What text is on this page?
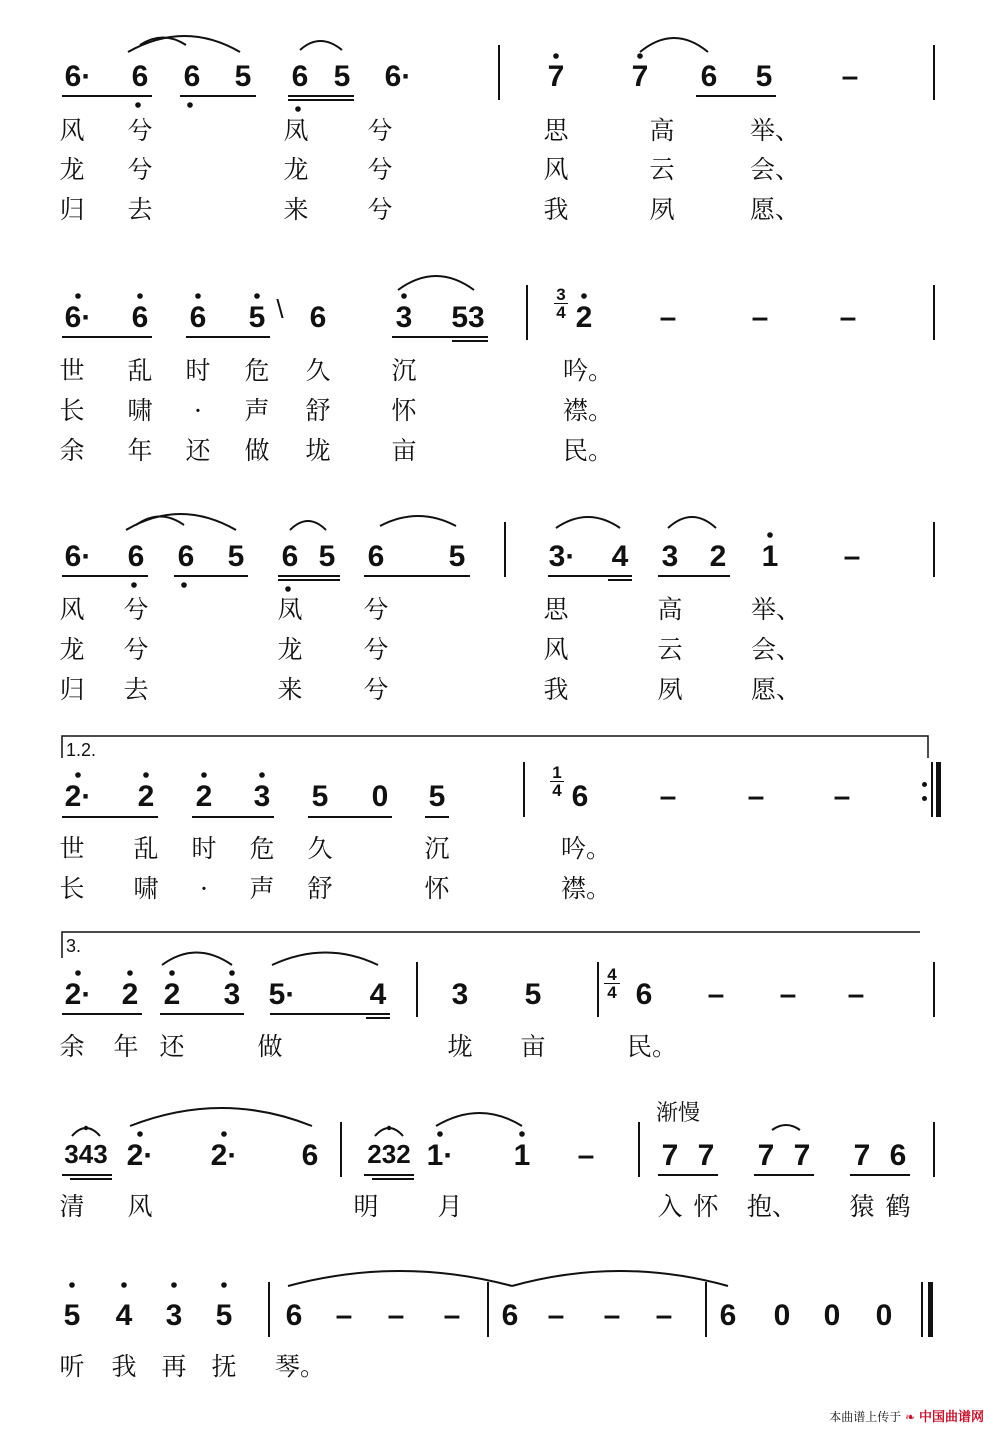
6· 6 6 5 6 5 6·	7 7 6 5 –
风 兮	凤 兮	思	高	举、
龙 兮	龙 兮	风	云	会、
归 去	来 兮	我	夙	愿、
6· 6 6 5 \ 6 3 53
3
4 2 –	– –
世 乱 时 危 久 沉	吟。
长 啸 · 声 舒 怀	襟。
余 年 还 做 垅 亩	民。
6· 6 6 5 6 5 6 5	3· 4 3 2 1 –
风 兮	凤 兮	思	高	举、
龙 兮	龙 兮	风	云	会、
归 去	来 兮	我	夙	愿、
1.2.
2· 2 2 3 5 0 5
1
4 6 – – –
世 乱 时 危 久	沉	吟。
长 啸 · 声 舒	怀	襟。
3.
2· 2 2 3 5· 4 3 5
4
4 6 – – –
余 年 还	做	垅 亩	民。
渐慢
343 2· 2· 6 232 1· 1 – 7 7 7 7 7 6
清 风	明 月	入 怀 抱、 猿 鹤
5 4 3 5 6 – – – 6 – – – 6 0 0 0
听 我 再 抚 琴。
本曲谱上传于 ❧ 中国曲谱网
